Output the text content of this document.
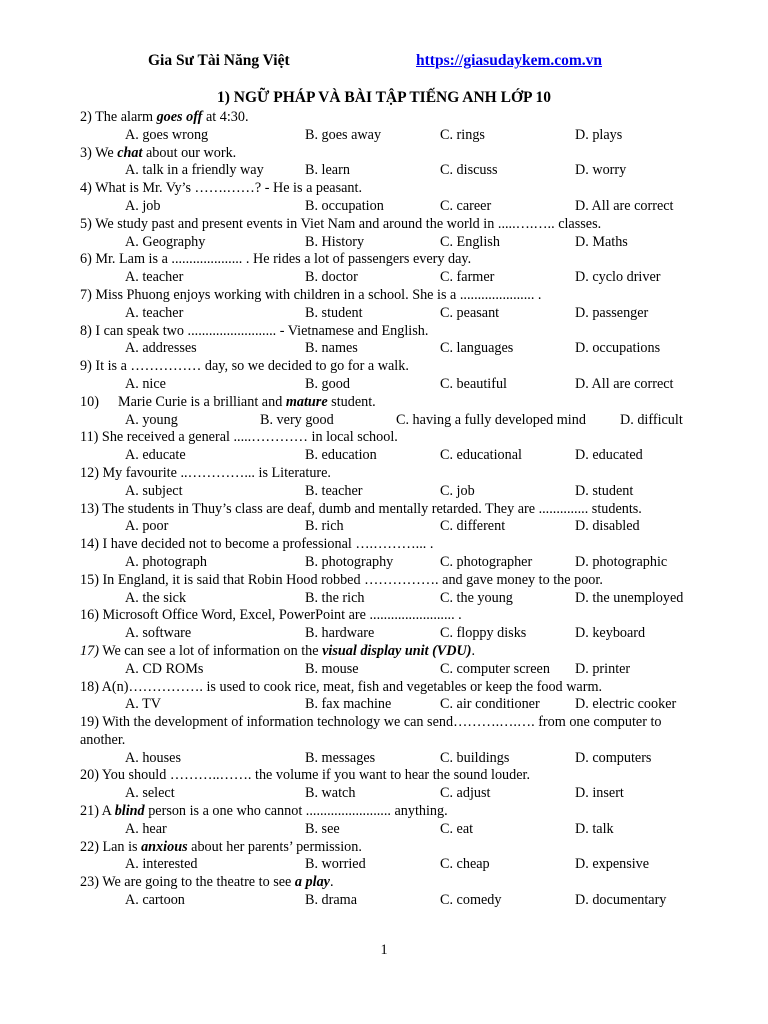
Gia Sư Tài Năng Việt	https://giasudaykem.com.vn
1) NGỮ PHÁP VÀ BÀI TẬP TIẾNG ANH LỚP 10
2) The alarm goes off at 4:30.
A. goes wrong	B. goes away	C. rings	D. plays
3) We chat about our work.
A. talk in a friendly way	B. learn	C. discuss	D. worry
4) What is Mr. Vy’s …….……? - He is a peasant.
A. job	B. occupation	C. career	D. All are correct
5) We study past and present events in Viet Nam and around the world in .....….….. classes.
A. Geography	B. History	C. English	D. Maths
6) Mr. Lam is a .................... . He rides a lot of passengers every day.
A. teacher	B. doctor	C. farmer	D. cyclo driver
7) Miss Phuong enjoys working with children in a school. She is a ..................... .
A. teacher	B. student	C. peasant	D. passenger
8) I can speak two ......................... - Vietnamese and English.
A. addresses	B. names	C. languages	D. occupations
9) It is a …………… day, so we decided to go for a walk.
A. nice	B. good	C. beautiful	D. All are correct
10) Marie Curie is a brilliant and mature student.
A. young	B. very good	C. having a fully developed mind D. difficult
11) She received a general .....………… in local school.
A. educate	B. education	C. educational	D. educated
12) My favourite ..…………... is Literature.
A. subject	B. teacher	C. job	D. student
13) The students in Thuy’s class are deaf, dumb and mentally retarded. They are .............. students.
A. poor	B. rich	C. different	D. disabled
14) I have decided not to become a professional ….………... .
A. photograph	B. photography	C. photographer	D. photographic
15) In England, it is said that Robin Hood robbed ……………. and gave money to the poor.
A. the sick	B. the rich	C. the young	D. the unemployed
16) Microsoft Office Word, Excel, PowerPoint are ........................ .
A. software	B. hardware	C. floppy disks	D. keyboard
17) We can see a lot of information on the visual display unit (VDU).
A. CD ROMs	B. mouse	C. computer screen D. printer
18) A(n)……………. is used to cook rice, meat, fish and vegetables or keep the food warm.
A. TV	B. fax machine	C. air conditioner D. electric cooker
19) With the development of information technology we can send……….….…. from one computer to another.
A. houses	B. messages	C. buildings	D. computers
20) You should ………..……. the volume if you want to hear the sound louder.
A. select	B. watch	C. adjust	D. insert
21) A blind person is a one who cannot ........................ anything.
A. hear	B. see	C. eat	D. talk
22) Lan is anxious about her parents’ permission.
A. interested	B. worried	C. cheap	D. expensive
23) We are going to the theatre to see a play.
A. cartoon	B. drama	C. comedy	D. documentary
1
